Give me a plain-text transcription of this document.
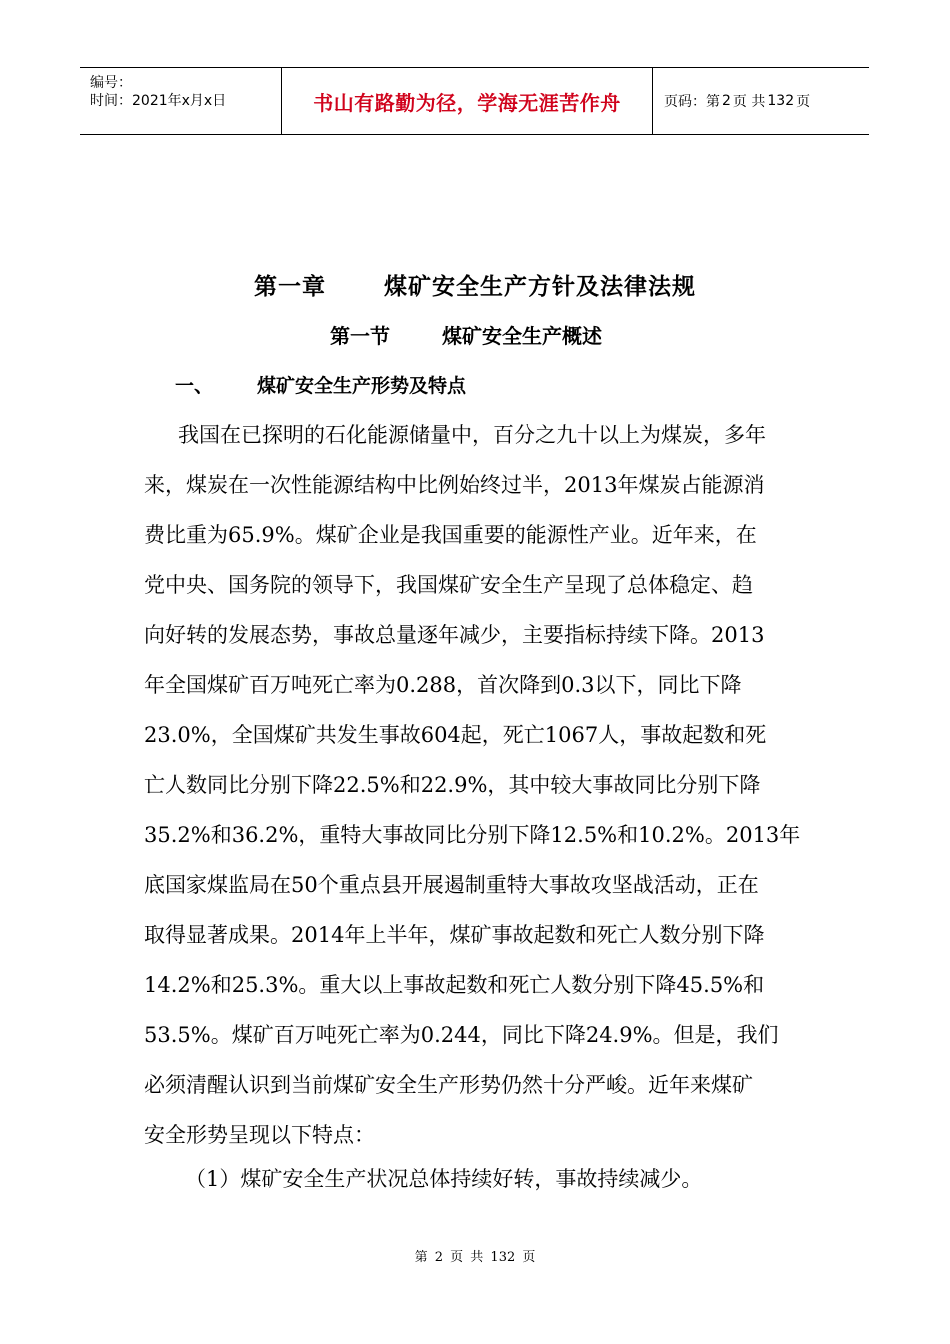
编号：
时间：2021年x月x日	书山有路勤为径，学海无涯苦作舟	页码：第 2 页 共 132 页
第一章	煤矿安全生产方针及法律法规
第一节	煤矿安全生产概述
一、 煤矿安全生产形势及特点
我国在已探明的石化能源储量中，百分之九十以上为煤炭，多年
来，煤炭在一次性能源结构中比例始终过半，2013年煤炭占能源消
费比重为65.9%。煤矿企业是我国重要的能源性产业。近年来，在
党中央、国务院的领导下，我国煤矿安全生产呈现了总体稳定、趋
向好转的发展态势，事故总量逐年减少，主要指标持续下降。2013
年全国煤矿百万吨死亡率为0.288，首次降到0.3以下，同比下降
23.0%，全国煤矿共发生事故604起，死亡1067人，事故起数和死
亡人数同比分别下降22.5%和22.9%，其中较大事故同比分别下降
35.2%和36.2%，重特大事故同比分别下降12.5%和10.2%。2013年
底国家煤监局在50个重点县开展遏制重特大事故攻坚战活动，正在
取得显著成果。2014年上半年，煤矿事故起数和死亡人数分别下降
14.2%和25.3%。重大以上事故起数和死亡人数分别下降45.5%和
53.5%。煤矿百万吨死亡率为0.244，同比下降24.9%。但是，我们
必须清醒认识到当前煤矿安全生产形势仍然十分严峻。近年来煤矿
安全形势呈现以下特点：
（1）煤矿安全生产状况总体持续好转，事故持续减少。
第 2 页 共 132 页
